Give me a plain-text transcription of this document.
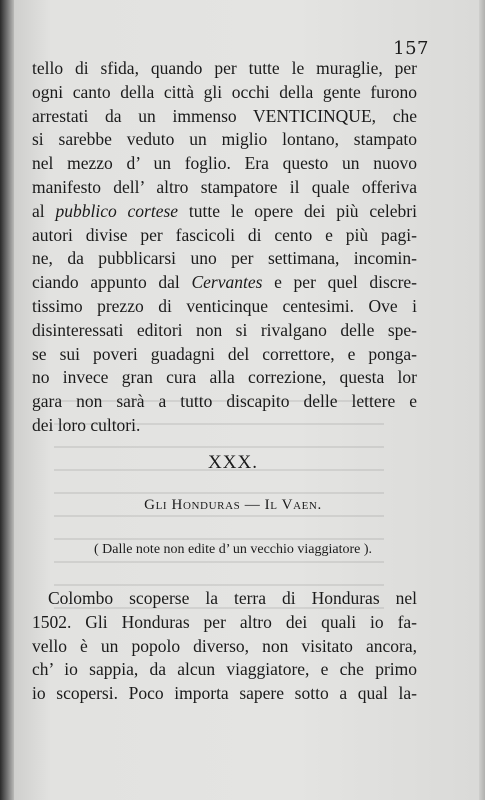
157
tello di sfida, quando per tutte le muraglie, per
ogni canto della città gli occhi della gente furono
arrestati da un immenso VENTICINQUE, che
si sarebbe veduto un miglio lontano, stampato
nel mezzo d’ un foglio. Era questo un nuovo
manifesto dell’ altro stampatore il quale offeriva
al pubblico cortese tutte le opere dei più celebri
autori divise per fascicoli di cento e più pagi-
ne, da pubblicarsi uno per settimana, incomin-
ciando appunto dal Cervantes e per quel discre-
tissimo prezzo di venticinque centesimi. Ove i
disinteressati editori non si rivalgano delle spe-
se sui poveri guadagni del correttore, e ponga-
no invece gran cura alla correzione, questa lor
gara non sarà a tutto discapito delle lettere e
dei loro cultori.
XXX.
Gli Honduras — Il Vaen.
( Dalle note non edite d’ un vecchio viaggiatore ).
Colombo scoperse la terra di Honduras nel
1502. Gli Honduras per altro dei quali io fa-
vello è un popolo diverso, non visitato ancora,
ch’ io sappia, da alcun viaggiatore, e che primo
io scopersi. Poco importa sapere sotto a qual la-
